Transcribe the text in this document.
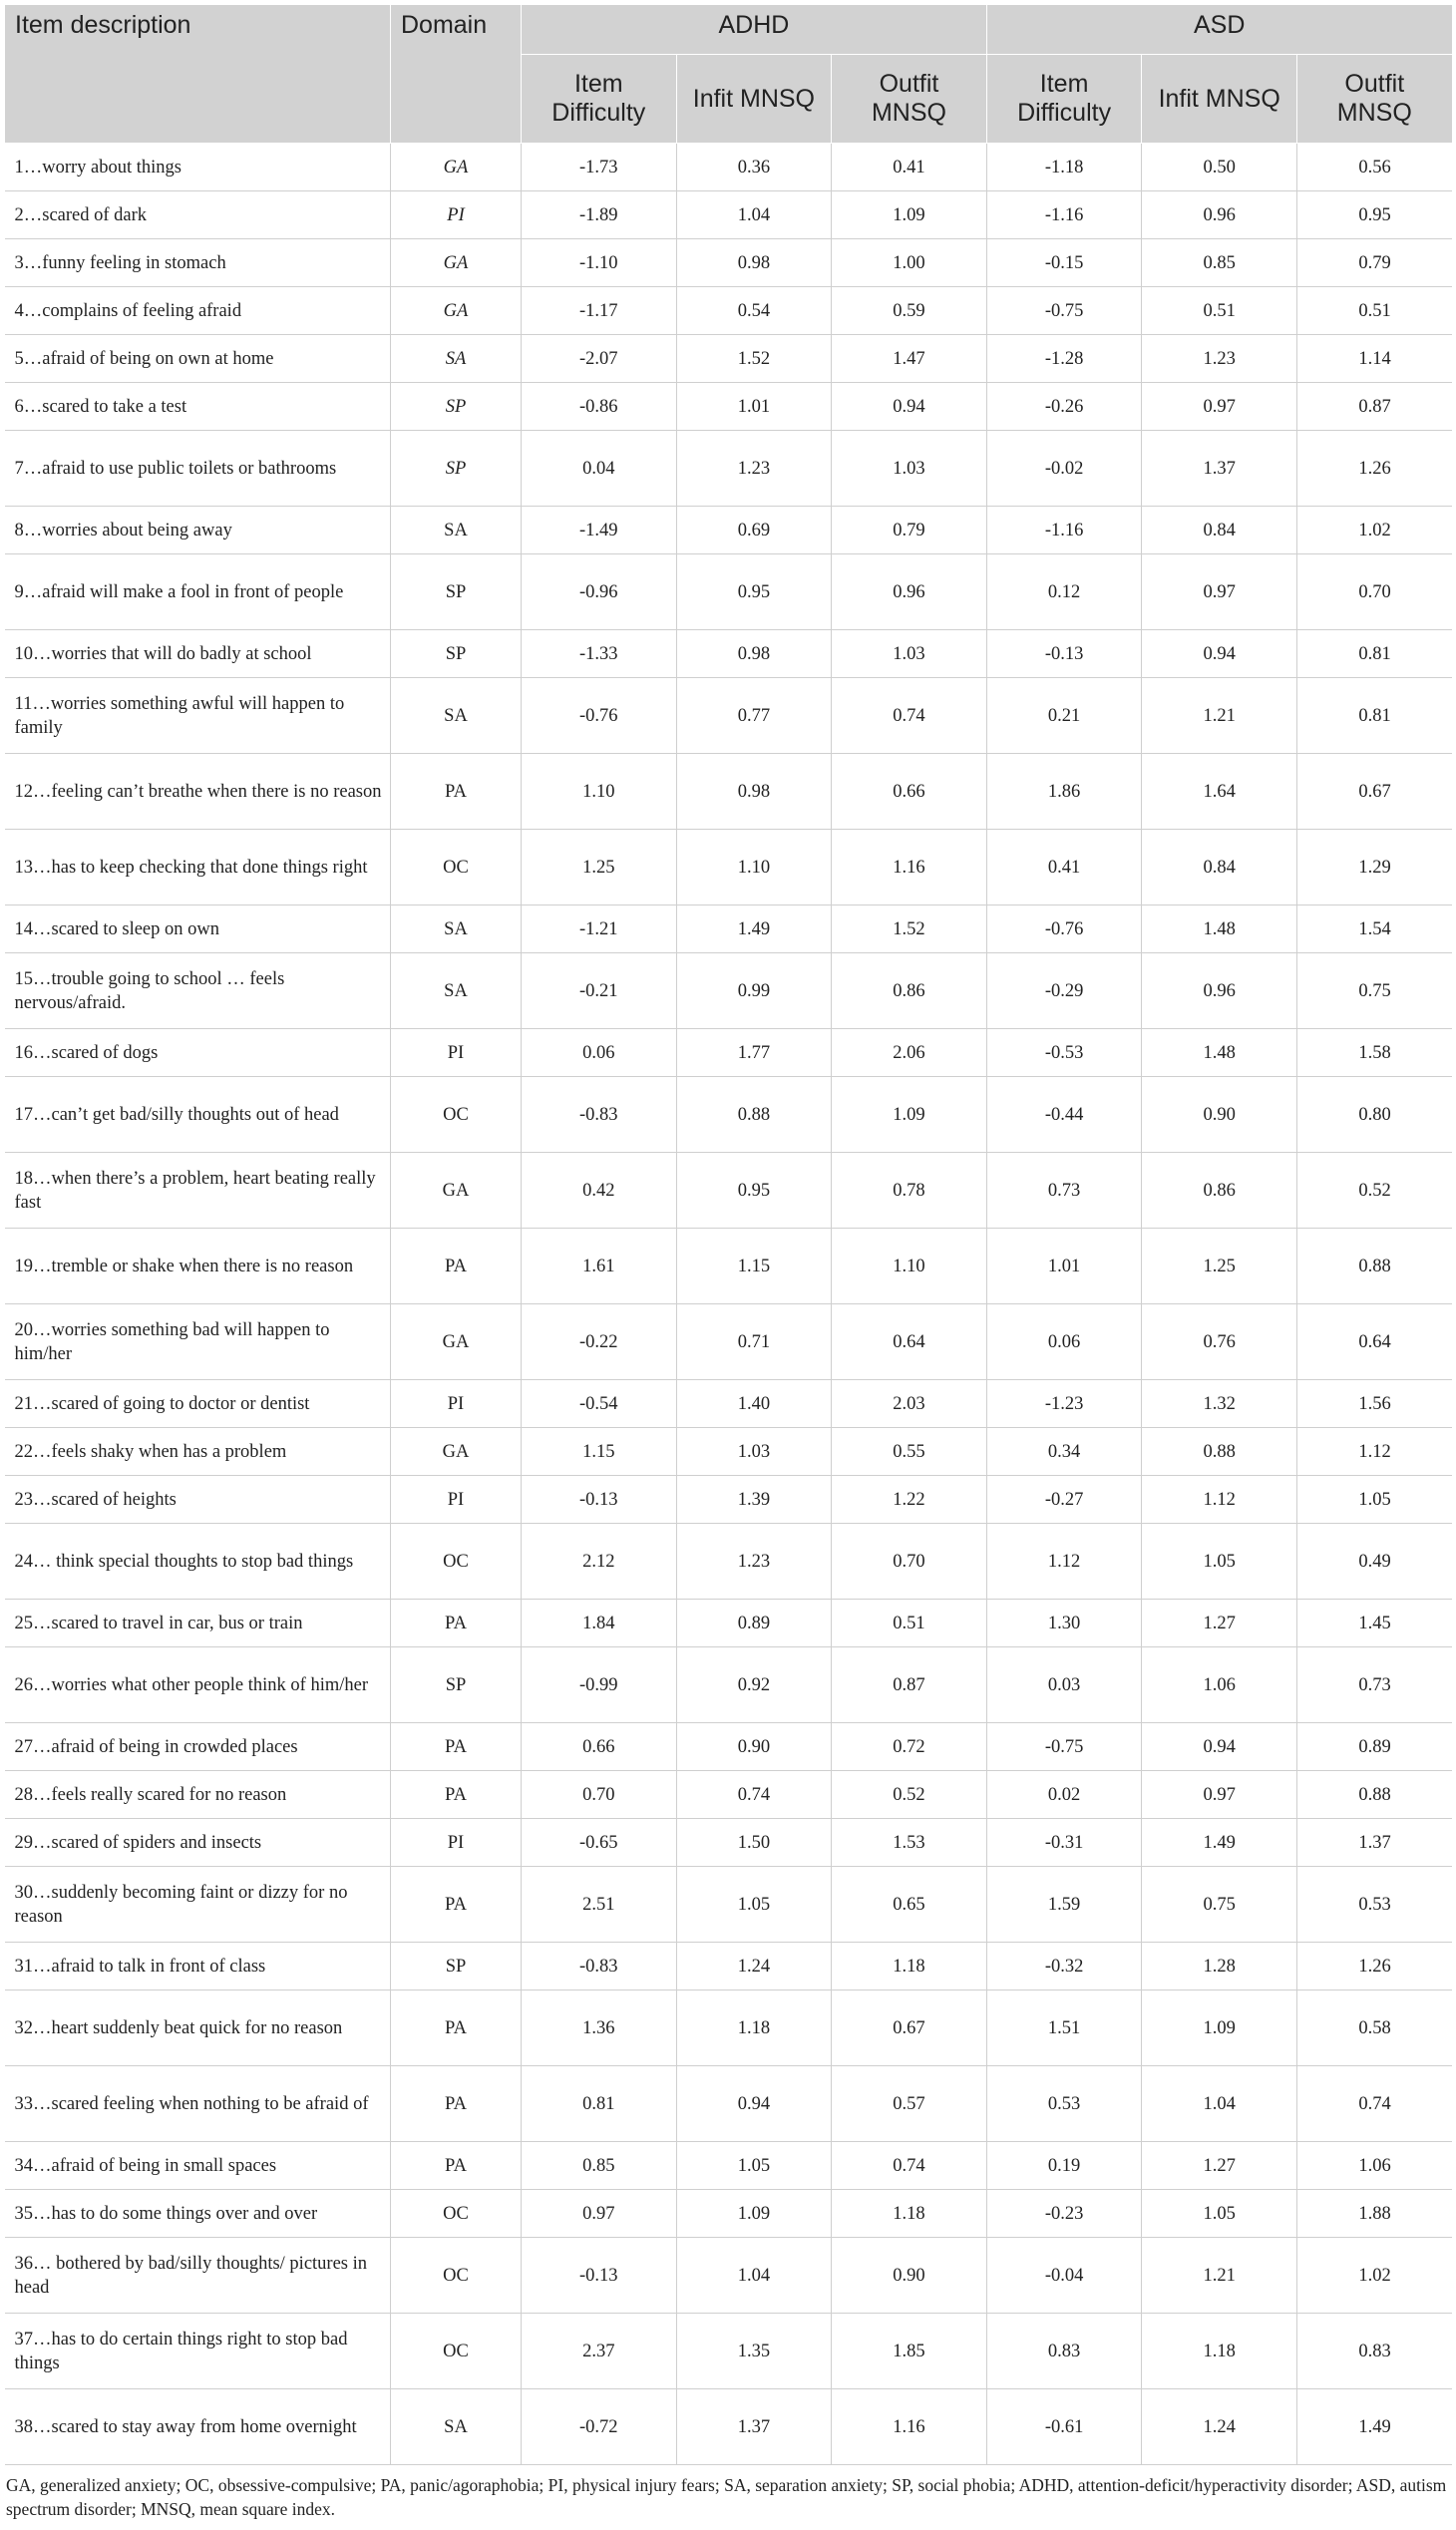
Item description	Domain	ADHD			ASD		
		Item Difficulty	Infit MNSQ	Outfit MNSQ	Item Difficulty	Infit MNSQ	Outfit MNSQ
1…worry about things	GA	-1.73	0.36	0.41	-1.18	0.50	0.56
2…scared of dark	PI	-1.89	1.04	1.09	-1.16	0.96	0.95
3…funny feeling in stomach	GA	-1.10	0.98	1.00	-0.15	0.85	0.79
4…complains of feeling afraid	GA	-1.17	0.54	0.59	-0.75	0.51	0.51
5…afraid of being on own at home	SA	-2.07	1.52	1.47	-1.28	1.23	1.14
6…scared to take a test	SP	-0.86	1.01	0.94	-0.26	0.97	0.87
7…afraid to use public toilets or bathrooms	SP	0.04	1.23	1.03	-0.02	1.37	1.26
8…worries about being away	SA	-1.49	0.69	0.79	-1.16	0.84	1.02
9…afraid will make a fool in front of people	SP	-0.96	0.95	0.96	0.12	0.97	0.70
10…worries that will do badly at school	SP	-1.33	0.98	1.03	-0.13	0.94	0.81
11…worries something awful will happen to family	SA	-0.76	0.77	0.74	0.21	1.21	0.81
12…feeling can’t breathe when there is no reason	PA	1.10	0.98	0.66	1.86	1.64	0.67
13…has to keep checking that done things right	OC	1.25	1.10	1.16	0.41	0.84	1.29
14…scared to sleep on own	SA	-1.21	1.49	1.52	-0.76	1.48	1.54
15…trouble going to school … feels nervous/afraid.	SA	-0.21	0.99	0.86	-0.29	0.96	0.75
16…scared of dogs	PI	0.06	1.77	2.06	-0.53	1.48	1.58
17…can’t get bad/silly thoughts out of head	OC	-0.83	0.88	1.09	-0.44	0.90	0.80
18…when there’s a problem, heart beating really fast	GA	0.42	0.95	0.78	0.73	0.86	0.52
19…tremble or shake when there is no reason	PA	1.61	1.15	1.10	1.01	1.25	0.88
20…worries something bad will happen to him/her	GA	-0.22	0.71	0.64	0.06	0.76	0.64
21…scared of going to doctor or dentist	PI	-0.54	1.40	2.03	-1.23	1.32	1.56
22…feels shaky when has a problem	GA	1.15	1.03	0.55	0.34	0.88	1.12
23…scared of heights	PI	-0.13	1.39	1.22	-0.27	1.12	1.05
24… think special thoughts to stop bad things	OC	2.12	1.23	0.70	1.12	1.05	0.49
25…scared to travel in car, bus or train	PA	1.84	0.89	0.51	1.30	1.27	1.45
26…worries what other people think of him/her	SP	-0.99	0.92	0.87	0.03	1.06	0.73
27…afraid of being in crowded places	PA	0.66	0.90	0.72	-0.75	0.94	0.89
28…feels really scared for no reason	PA	0.70	0.74	0.52	0.02	0.97	0.88
29…scared of spiders and insects	PI	-0.65	1.50	1.53	-0.31	1.49	1.37
30…suddenly becoming faint or dizzy for no reason	PA	2.51	1.05	0.65	1.59	0.75	0.53
31…afraid to talk in front of class	SP	-0.83	1.24	1.18	-0.32	1.28	1.26
32…heart suddenly beat quick for no reason	PA	1.36	1.18	0.67	1.51	1.09	0.58
33…scared feeling when nothing to be afraid of	PA	0.81	0.94	0.57	0.53	1.04	0.74
34…afraid of being in small spaces	PA	0.85	1.05	0.74	0.19	1.27	1.06
35…has to do some things over and over	OC	0.97	1.09	1.18	-0.23	1.05	1.88
36… bothered by bad/silly thoughts/ pictures in head	OC	-0.13	1.04	0.90	-0.04	1.21	1.02
37…has to do certain things right to stop bad things	OC	2.37	1.35	1.85	0.83	1.18	0.83
38…scared to stay away from home overnight	SA	-0.72	1.37	1.16	-0.61	1.24	1.49
GA, generalized anxiety; OC, obsessive-compulsive; PA, panic/agoraphobia; PI, physical injury fears; SA, separation anxiety; SP, social phobia; ADHD, attention-deficit/hyperactivity disorder; ASD, autism spectrum disorder; MNSQ, mean square index.
